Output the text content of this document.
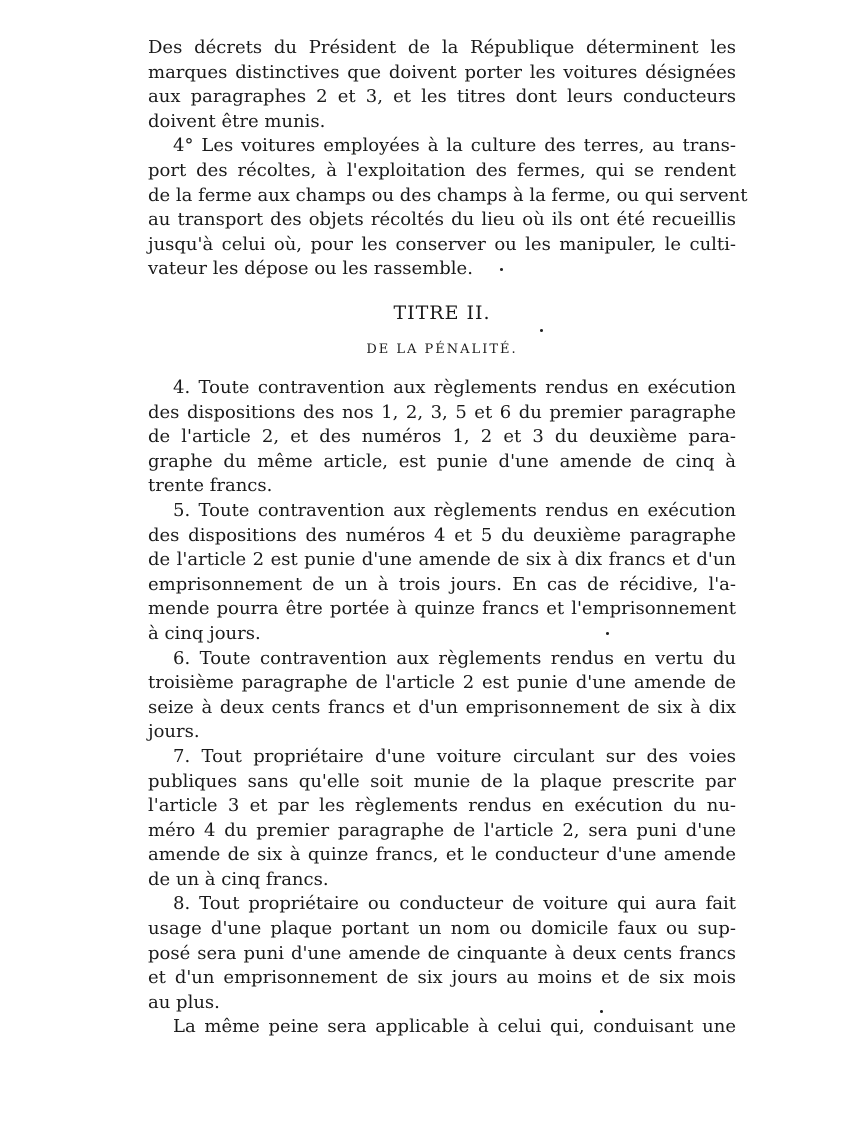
Des décrets du Président de la République déterminent les
marques distinctives que doivent porter les voitures désignées
aux paragraphes 2 et 3, et les titres dont leurs conducteurs
doivent être munis.
4° Les voitures employées à la culture des terres, au trans-
port des récoltes, à l'exploitation des fermes, qui se rendent
de la ferme aux champs ou des champs à la ferme, ou qui servent
au transport des objets récoltés du lieu où ils ont été recueillis
jusqu'à celui où, pour les conserver ou les manipuler, le culti-
vateur les dépose ou les rassemble.
TITRE II.
DE LA PÉNALITÉ.
4. Toute contravention aux règlements rendus en exécution
des dispositions des nos 1, 2, 3, 5 et 6 du premier paragraphe
de l'article 2, et des numéros 1, 2 et 3 du deuxième para-
graphe du même article, est punie d'une amende de cinq à
trente francs.
5. Toute contravention aux règlements rendus en exécution
des dispositions des numéros 4 et 5 du deuxième paragraphe
de l'article 2 est punie d'une amende de six à dix francs et d'un
emprisonnement de un à trois jours. En cas de récidive, l'a-
mende pourra être portée à quinze francs et l'emprisonnement
à cinq jours.
6. Toute contravention aux règlements rendus en vertu du
troisième paragraphe de l'article 2 est punie d'une amende de
seize à deux cents francs et d'un emprisonnement de six à dix
jours.
7. Tout propriétaire d'une voiture circulant sur des voies
publiques sans qu'elle soit munie de la plaque prescrite par
l'article 3 et par les règlements rendus en exécution du nu-
méro 4 du premier paragraphe de l'article 2, sera puni d'une
amende de six à quinze francs, et le conducteur d'une amende
de un à cinq francs.
8. Tout propriétaire ou conducteur de voiture qui aura fait
usage d'une plaque portant un nom ou domicile faux ou sup-
posé sera puni d'une amende de cinquante à deux cents francs
et d'un emprisonnement de six jours au moins et de six mois
au plus.
La même peine sera applicable à celui qui, conduisant une
